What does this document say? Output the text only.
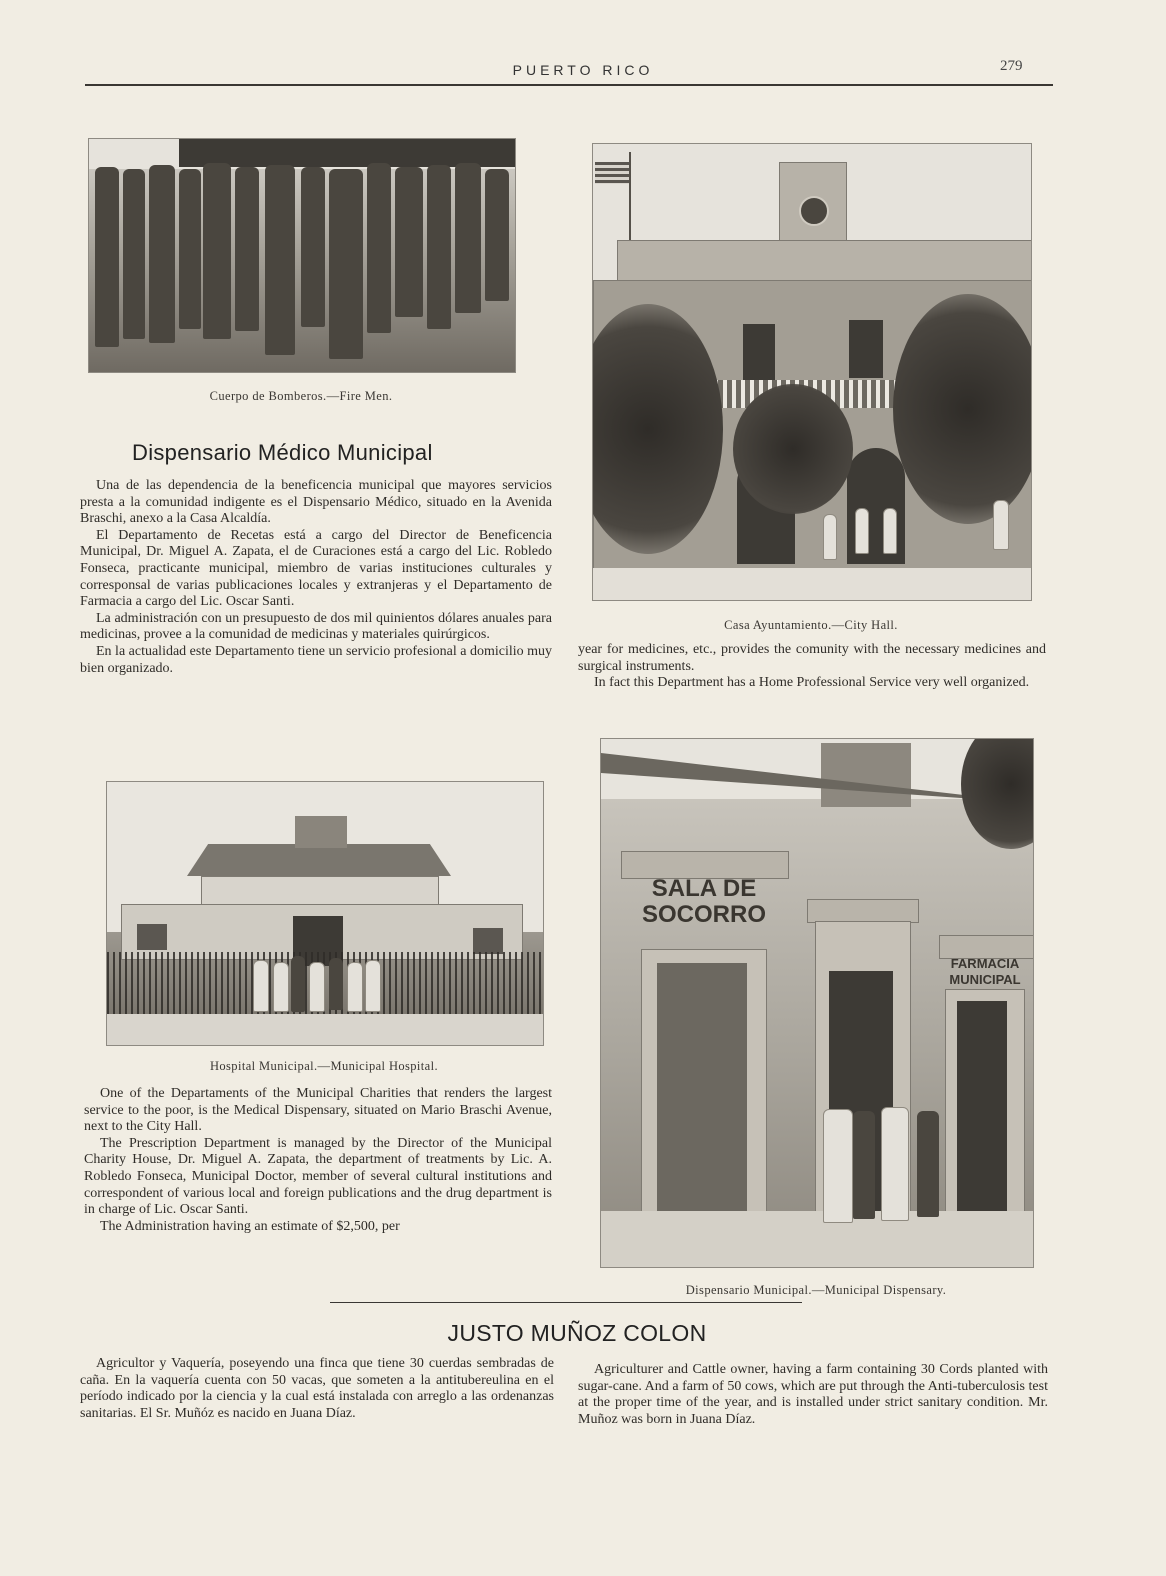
PUERTO RICO	279
Cuerpo de Bomberos.—Fire Men.
Dispensario Médico Municipal

Una de las dependencia de la beneficencia municipal que mayores servicios presta a la comunidad indigente es el Dispensario Médico, situado en la Avenida Braschi, anexo a la Casa Alcaldía.

El Departamento de Recetas está a cargo del Director de Beneficencia Municipal, Dr. Miguel A. Zapata, el de Curaciones está a cargo del Lic. Robledo Fonseca, practicante municipal, miembro de varias instituciones culturales y corresponsal de varias publicaciones locales y extranjeras y el Departamento de Farmacia a cargo del Lic. Oscar Santi.

La administración con un presupuesto de dos mil quinientos dólares anuales para medicinas, provee a la comunidad de medicinas y materiales quirúrgicos.

En la actualidad este Departamento tiene un servicio profesional a domicilio muy bien organizado.

Casa Ayuntamiento.—City Hall.

year for medicines, etc., provides the comunity with the necessary medicines and surgical instruments.

In fact this Department has a Home Professional Service very well organized.

Hospital Municipal.—Municipal Hospital.

One of the Departaments of the Municipal Charities that renders the largest service to the poor, is the Medical Dispensary, situated on Mario Braschi Avenue, next to the City Hall.

The Prescription Department is managed by the Director of the Municipal Charity House, Dr. Miguel A. Zapata, the department of treatments by Lic. A. Robledo Fonseca, Municipal Doctor, member of several cultural institutions and correspondent of various local and foreign publications and the drug department is in charge of Lic. Oscar Santi.

The Administration having an estimate of $2,500, per

SALA DE
SOCORRO
FARMACIA
MUNICIPAL
Dispensario Municipal.—Municipal Dispensary.
JUSTO MUÑOZ COLON

Agricultor y Vaquería, poseyendo una finca que tiene 30 cuerdas sembradas de caña. En la vaquería cuenta con 50 vacas, que someten a la antitubereulina en el período indicado por la ciencia y la cual está instalada con arreglo a las ordenanzas sanitarias. El Sr. Muñóz es nacido en Juana Díaz.

Agriculturer and Cattle owner, having a farm containing 30 Cords planted with sugar-cane. And a farm of 50 cows, which are put through the Anti-tuberculosis test at the proper time of the year, and is installed under strict sanitary condition. Mr. Muñoz was born in Juana Díaz.
